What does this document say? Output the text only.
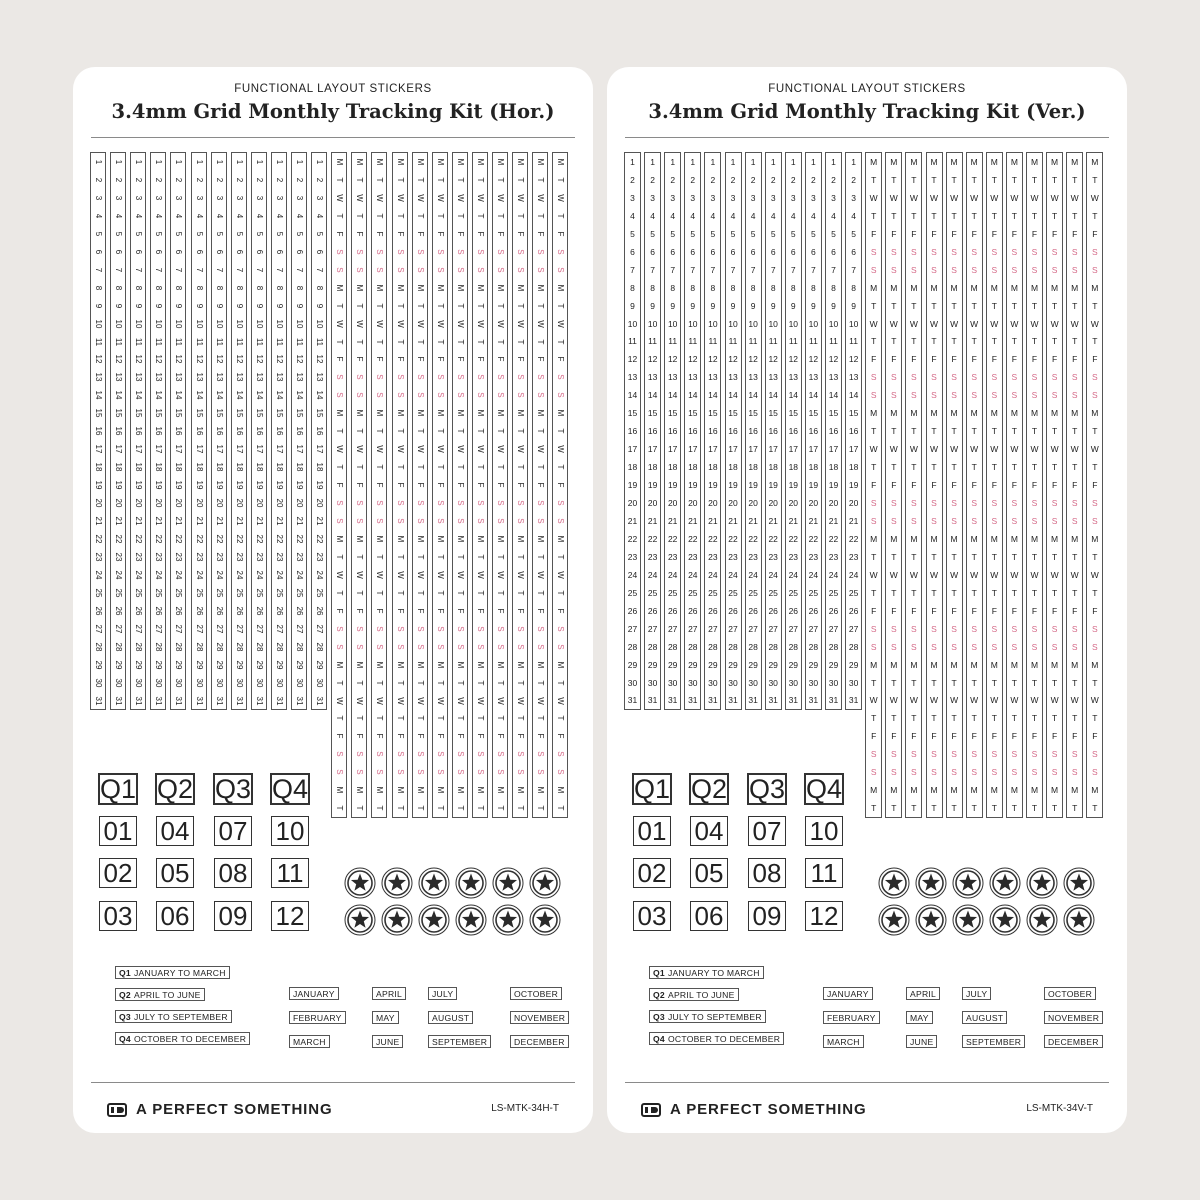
FUNCTIONAL LAYOUT STICKERS
3.4mm Grid Monthly Tracking Kit (Hor.)
1
2
3
4
5
6
7
8
9
10
11
12
13
14
15
16
17
18
19
20
21
22
23
24
25
26
27
28
29
30
31
1
2
3
4
5
6
7
8
9
10
11
12
13
14
15
16
17
18
19
20
21
22
23
24
25
26
27
28
29
30
31
1
2
3
4
5
6
7
8
9
10
11
12
13
14
15
16
17
18
19
20
21
22
23
24
25
26
27
28
29
30
31
1
2
3
4
5
6
7
8
9
10
11
12
13
14
15
16
17
18
19
20
21
22
23
24
25
26
27
28
29
30
31
1
2
3
4
5
6
7
8
9
10
11
12
13
14
15
16
17
18
19
20
21
22
23
24
25
26
27
28
29
30
31
1
2
3
4
5
6
7
8
9
10
11
12
13
14
15
16
17
18
19
20
21
22
23
24
25
26
27
28
29
30
31
1
2
3
4
5
6
7
8
9
10
11
12
13
14
15
16
17
18
19
20
21
22
23
24
25
26
27
28
29
30
31
1
2
3
4
5
6
7
8
9
10
11
12
13
14
15
16
17
18
19
20
21
22
23
24
25
26
27
28
29
30
31
1
2
3
4
5
6
7
8
9
10
11
12
13
14
15
16
17
18
19
20
21
22
23
24
25
26
27
28
29
30
31
1
2
3
4
5
6
7
8
9
10
11
12
13
14
15
16
17
18
19
20
21
22
23
24
25
26
27
28
29
30
31
1
2
3
4
5
6
7
8
9
10
11
12
13
14
15
16
17
18
19
20
21
22
23
24
25
26
27
28
29
30
31
1
2
3
4
5
6
7
8
9
10
11
12
13
14
15
16
17
18
19
20
21
22
23
24
25
26
27
28
29
30
31
M
T
W
T
F
S
S
M
T
W
T
F
S
S
M
T
W
T
F
S
S
M
T
W
T
F
S
S
M
T
W
T
F
S
S
M
T
M
T
W
T
F
S
S
M
T
W
T
F
S
S
M
T
W
T
F
S
S
M
T
W
T
F
S
S
M
T
W
T
F
S
S
M
T
M
T
W
T
F
S
S
M
T
W
T
F
S
S
M
T
W
T
F
S
S
M
T
W
T
F
S
S
M
T
W
T
F
S
S
M
T
M
T
W
T
F
S
S
M
T
W
T
F
S
S
M
T
W
T
F
S
S
M
T
W
T
F
S
S
M
T
W
T
F
S
S
M
T
M
T
W
T
F
S
S
M
T
W
T
F
S
S
M
T
W
T
F
S
S
M
T
W
T
F
S
S
M
T
W
T
F
S
S
M
T
M
T
W
T
F
S
S
M
T
W
T
F
S
S
M
T
W
T
F
S
S
M
T
W
T
F
S
S
M
T
W
T
F
S
S
M
T
M
T
W
T
F
S
S
M
T
W
T
F
S
S
M
T
W
T
F
S
S
M
T
W
T
F
S
S
M
T
W
T
F
S
S
M
T
M
T
W
T
F
S
S
M
T
W
T
F
S
S
M
T
W
T
F
S
S
M
T
W
T
F
S
S
M
T
W
T
F
S
S
M
T
M
T
W
T
F
S
S
M
T
W
T
F
S
S
M
T
W
T
F
S
S
M
T
W
T
F
S
S
M
T
W
T
F
S
S
M
T
M
T
W
T
F
S
S
M
T
W
T
F
S
S
M
T
W
T
F
S
S
M
T
W
T
F
S
S
M
T
W
T
F
S
S
M
T
M
T
W
T
F
S
S
M
T
W
T
F
S
S
M
T
W
T
F
S
S
M
T
W
T
F
S
S
M
T
W
T
F
S
S
M
T
M
T
W
T
F
S
S
M
T
W
T
F
S
S
M
T
W
T
F
S
S
M
T
W
T
F
S
S
M
T
W
T
F
S
S
M
T
Q1 Q2 Q3 Q4
01 04 07 10
02 05 08 11
03 06 09 12
Q1 JANUARY TO MARCH
Q2 APRIL TO JUNE
Q3 JULY TO SEPTEMBER
Q4 OCTOBER TO DECEMBER
JANUARY	APRIL	JULY	OCTOBER
FEBRUARY	MAY	AUGUST	NOVEMBER
MARCH	JUNE	SEPTEMBER	DECEMBER
A PERFECT SOMETHING	LS-MTK-34H-T
FUNCTIONAL LAYOUT STICKERS
3.4mm Grid Monthly Tracking Kit (Ver.)
1
2
3
4
5
6
7
8
9
10
11
12
13
14
15
16
17
18
19
20
21
22
23
24
25
26
27
28
29
30
31
1
2
3
4
5
6
7
8
9
10
11
12
13
14
15
16
17
18
19
20
21
22
23
24
25
26
27
28
29
30
31
1
2
3
4
5
6
7
8
9
10
11
12
13
14
15
16
17
18
19
20
21
22
23
24
25
26
27
28
29
30
31
1
2
3
4
5
6
7
8
9
10
11
12
13
14
15
16
17
18
19
20
21
22
23
24
25
26
27
28
29
30
31
1
2
3
4
5
6
7
8
9
10
11
12
13
14
15
16
17
18
19
20
21
22
23
24
25
26
27
28
29
30
31
1
2
3
4
5
6
7
8
9
10
11
12
13
14
15
16
17
18
19
20
21
22
23
24
25
26
27
28
29
30
31
1
2
3
4
5
6
7
8
9
10
11
12
13
14
15
16
17
18
19
20
21
22
23
24
25
26
27
28
29
30
31
1
2
3
4
5
6
7
8
9
10
11
12
13
14
15
16
17
18
19
20
21
22
23
24
25
26
27
28
29
30
31
1
2
3
4
5
6
7
8
9
10
11
12
13
14
15
16
17
18
19
20
21
22
23
24
25
26
27
28
29
30
31
1
2
3
4
5
6
7
8
9
10
11
12
13
14
15
16
17
18
19
20
21
22
23
24
25
26
27
28
29
30
31
1
2
3
4
5
6
7
8
9
10
11
12
13
14
15
16
17
18
19
20
21
22
23
24
25
26
27
28
29
30
31
1
2
3
4
5
6
7
8
9
10
11
12
13
14
15
16
17
18
19
20
21
22
23
24
25
26
27
28
29
30
31
M
T
W
T
F
S
S
M
T
W
T
F
S
S
M
T
W
T
F
S
S
M
T
W
T
F
S
S
M
T
W
T
F
S
S
M
T
M
T
W
T
F
S
S
M
T
W
T
F
S
S
M
T
W
T
F
S
S
M
T
W
T
F
S
S
M
T
W
T
F
S
S
M
T
M
T
W
T
F
S
S
M
T
W
T
F
S
S
M
T
W
T
F
S
S
M
T
W
T
F
S
S
M
T
W
T
F
S
S
M
T
M
T
W
T
F
S
S
M
T
W
T
F
S
S
M
T
W
T
F
S
S
M
T
W
T
F
S
S
M
T
W
T
F
S
S
M
T
M
T
W
T
F
S
S
M
T
W
T
F
S
S
M
T
W
T
F
S
S
M
T
W
T
F
S
S
M
T
W
T
F
S
S
M
T
M
T
W
T
F
S
S
M
T
W
T
F
S
S
M
T
W
T
F
S
S
M
T
W
T
F
S
S
M
T
W
T
F
S
S
M
T
M
T
W
T
F
S
S
M
T
W
T
F
S
S
M
T
W
T
F
S
S
M
T
W
T
F
S
S
M
T
W
T
F
S
S
M
T
M
T
W
T
F
S
S
M
T
W
T
F
S
S
M
T
W
T
F
S
S
M
T
W
T
F
S
S
M
T
W
T
F
S
S
M
T
M
T
W
T
F
S
S
M
T
W
T
F
S
S
M
T
W
T
F
S
S
M
T
W
T
F
S
S
M
T
W
T
F
S
S
M
T
M
T
W
T
F
S
S
M
T
W
T
F
S
S
M
T
W
T
F
S
S
M
T
W
T
F
S
S
M
T
W
T
F
S
S
M
T
M
T
W
T
F
S
S
M
T
W
T
F
S
S
M
T
W
T
F
S
S
M
T
W
T
F
S
S
M
T
W
T
F
S
S
M
T
M
T
W
T
F
S
S
M
T
W
T
F
S
S
M
T
W
T
F
S
S
M
T
W
T
F
S
S
M
T
W
T
F
S
S
M
T
Q1 Q2 Q3 Q4
01 04 07 10
02 05 08 11
03 06 09 12
Q1 JANUARY TO MARCH
Q2 APRIL TO JUNE
Q3 JULY TO SEPTEMBER
Q4 OCTOBER TO DECEMBER
JANUARY	APRIL	JULY	OCTOBER
FEBRUARY	MAY	AUGUST	NOVEMBER
MARCH	JUNE	SEPTEMBER	DECEMBER
A PERFECT SOMETHING	LS-MTK-34V-T
